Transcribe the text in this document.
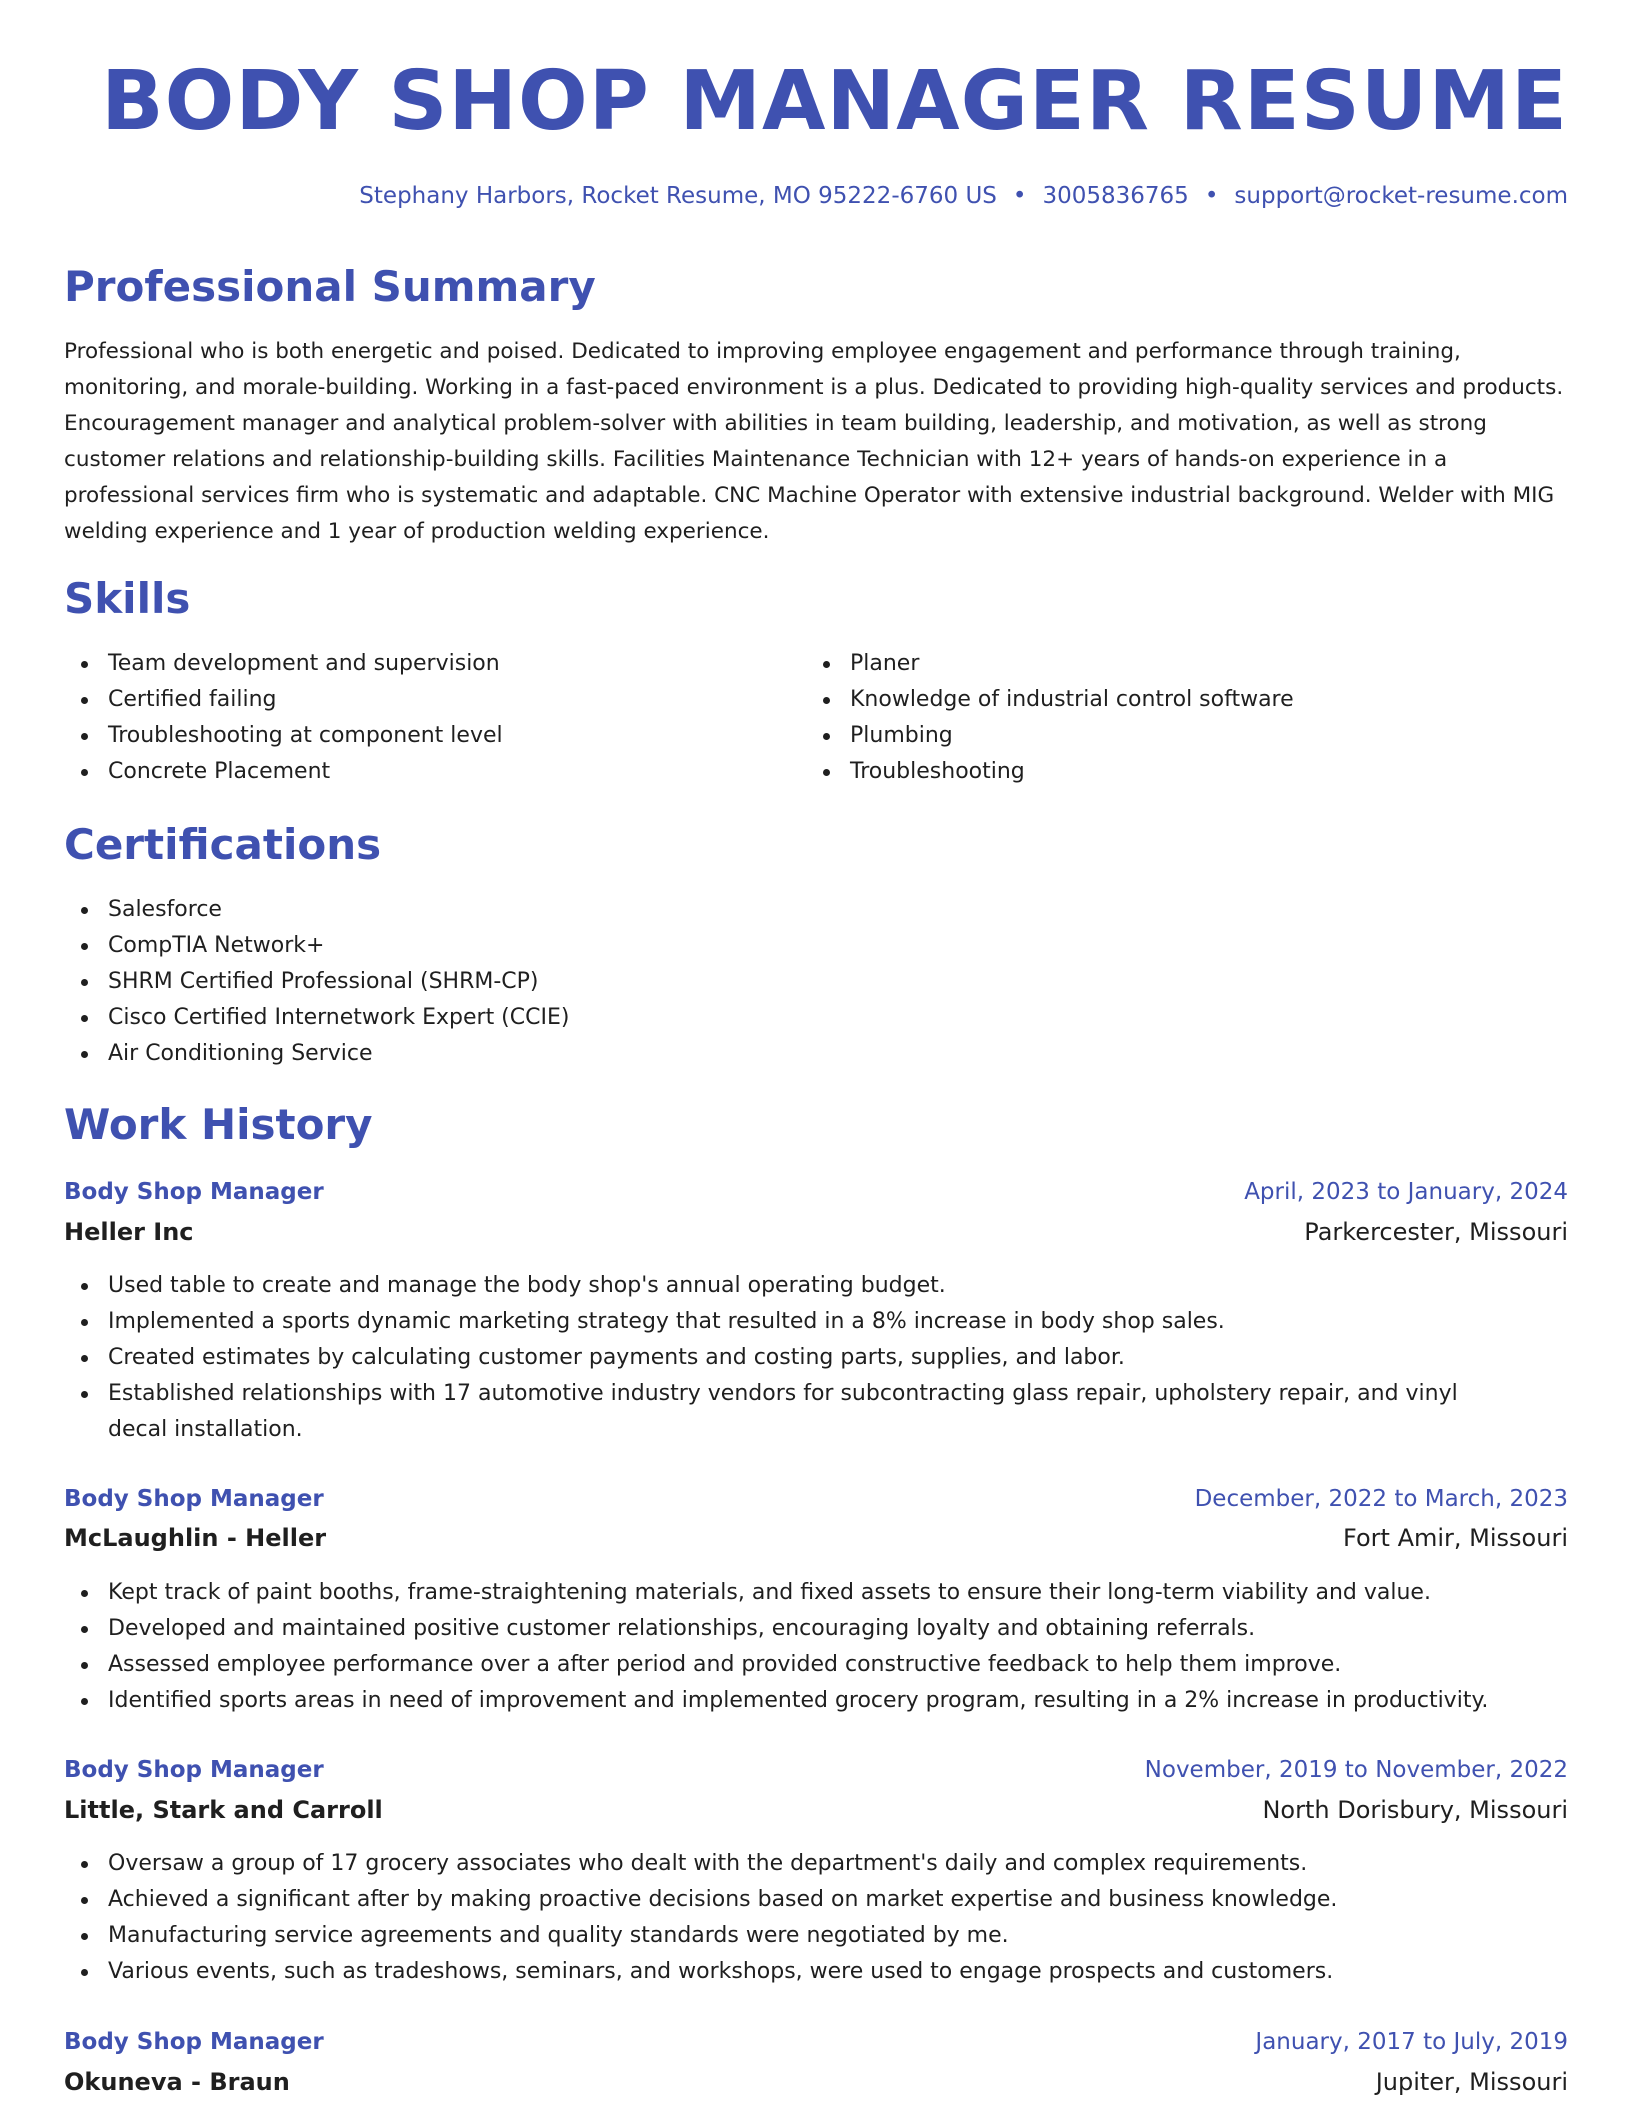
BODY SHOP MANAGER RESUME
Stephany Harbors, Rocket Resume, MO 95222-6760 US • 3005836765 • support@rocket-resume.com
Professional Summary

Professional who is both energetic and poised. Dedicated to improving employee engagement and performance through training, monitoring, and morale-building. Working in a fast-paced environment is a plus. Dedicated to providing high-quality services and products. Encouragement manager and analytical problem-solver with abilities in team building, leadership, and motivation, as well as strong customer relations and relationship-building skills. Facilities Maintenance Technician with 12+ years of hands-on experience in a professional services firm who is systematic and adaptable. CNC Machine Operator with extensive industrial background. Welder with MIG welding experience and 1 year of production welding experience.

Skills
Team development and supervision
Certified failing
Troubleshooting at component level
Concrete Placement
Planer
Knowledge of industrial control software
Plumbing
Troubleshooting
Certifications
Salesforce
CompTIA Network+
SHRM Certified Professional (SHRM-CP)
Cisco Certified Internetwork Expert (CCIE)
Air Conditioning Service
Work History
Body Shop Manager	April, 2023 to January, 2024
Heller Inc	Parkercester, Missouri
Used table to create and manage the body shop's annual operating budget.
Implemented a sports dynamic marketing strategy that resulted in a 8% increase in body shop sales.
Created estimates by calculating customer payments and costing parts, supplies, and labor.
Established relationships with 17 automotive industry vendors for subcontracting glass repair, upholstery repair, and vinyl decal installation.
Body Shop Manager	December, 2022 to March, 2023
McLaughlin - Heller	Fort Amir, Missouri
Kept track of paint booths, frame-straightening materials, and fixed assets to ensure their long-term viability and value.
Developed and maintained positive customer relationships, encouraging loyalty and obtaining referrals.
Assessed employee performance over a after period and provided constructive feedback to help them improve.
Identified sports areas in need of improvement and implemented grocery program, resulting in a 2% increase in productivity.
Body Shop Manager	November, 2019 to November, 2022
Little, Stark and Carroll	North Dorisbury, Missouri
Oversaw a group of 17 grocery associates who dealt with the department's daily and complex requirements.
Achieved a significant after by making proactive decisions based on market expertise and business knowledge.
Manufacturing service agreements and quality standards were negotiated by me.
Various events, such as tradeshows, seminars, and workshops, were used to engage prospects and customers.
Body Shop Manager	January, 2017 to July, 2019
Okuneva - Braun	Jupiter, Missouri
